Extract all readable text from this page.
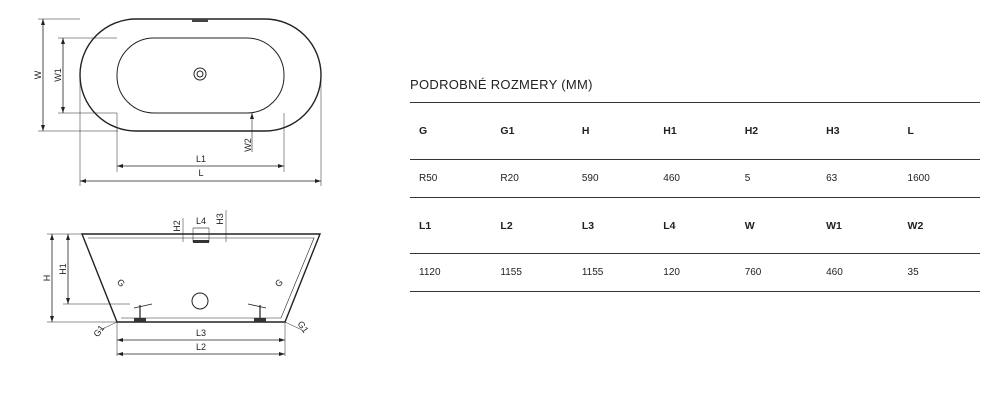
W W1
W2
L1
L
H
H1
H2 L4 H3
G	G
G1	G1
L3
L2
PODROBNÉ ROZMERY (MM)
G	G1	H	H1	H2	H3	L
R50	R20	590	460	5	63	1600
L1	L2	L3	L4	W	W1	W2
1120	1155	1155	120	760	460	35
